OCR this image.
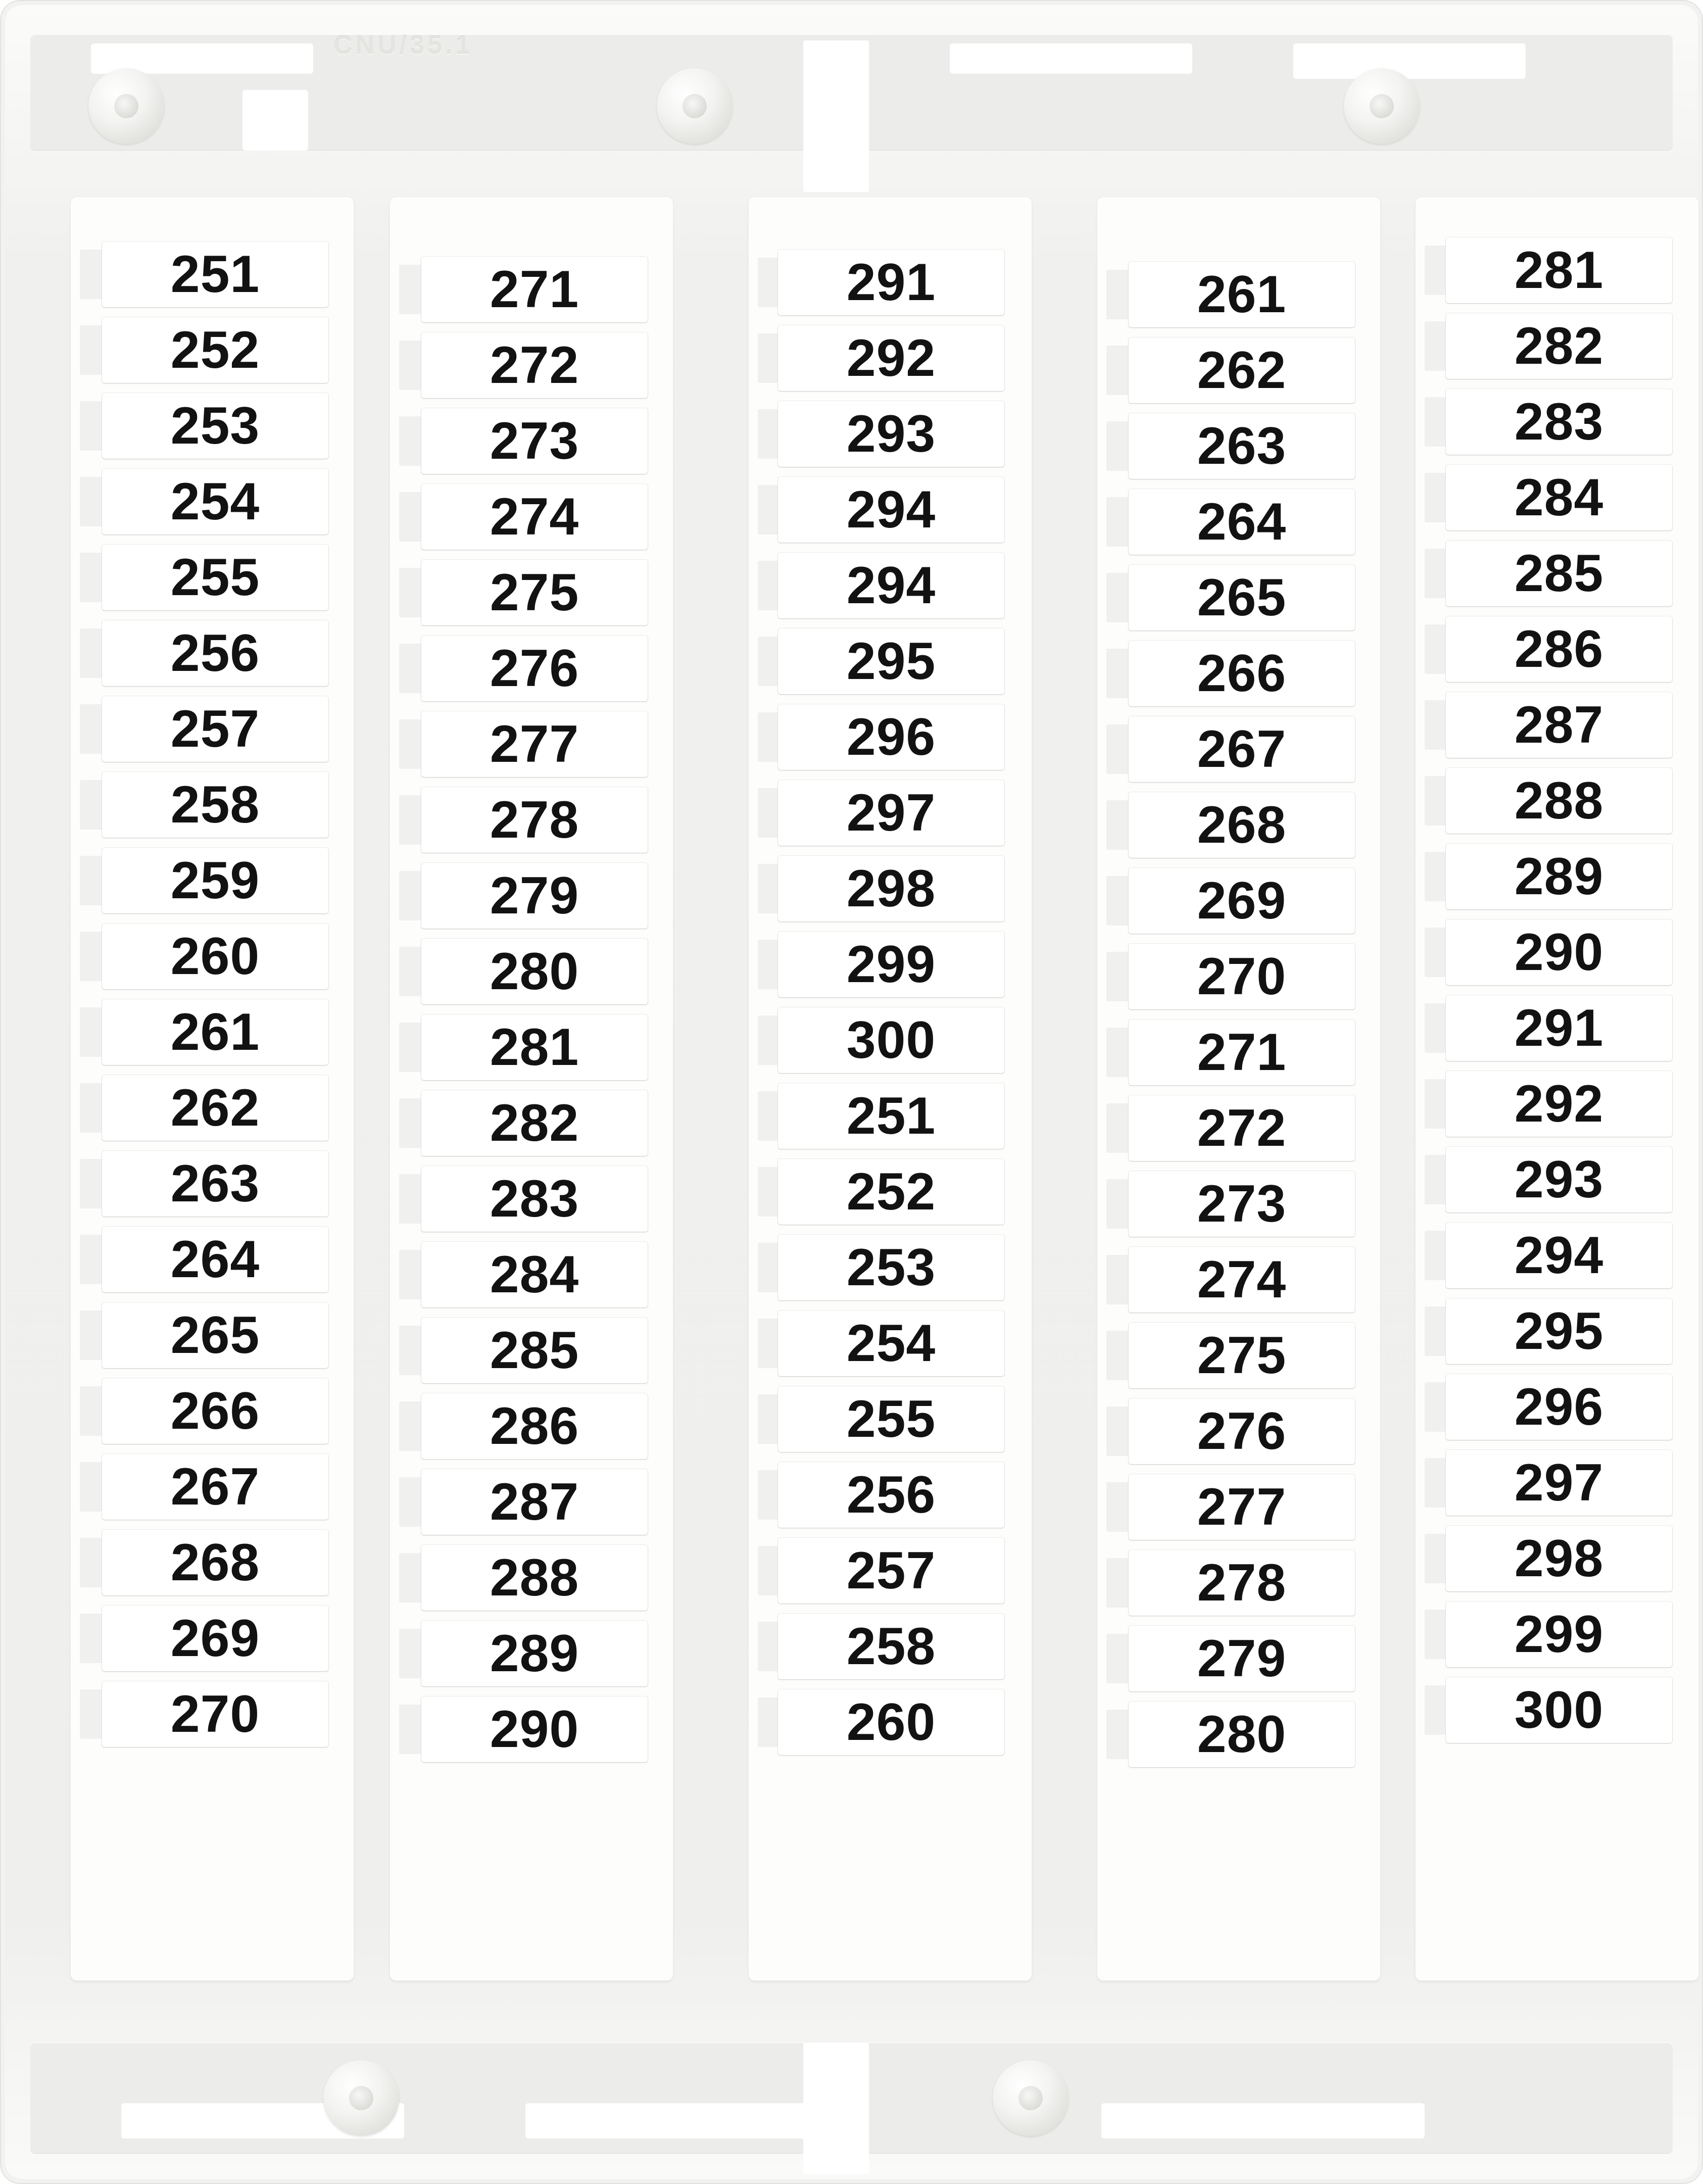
CNU/35.1
251
252
253
254
255
256
257
258
259
260
261
262
263
264
265
266
267
268
269
270
271
272
273
274
275
276
277
278
279
280
281
282
283
284
285
286
287
288
289
290
291
292
293
294
294
295
296
297
298
299
300
251
252
253
254
255
256
257
258
260
261
262
263
264
265
266
267
268
269
270
271
272
273
274
275
276
277
278
279
280
281
282
283
284
285
286
287
288
289
290
291
292
293
294
295
296
297
298
299
300
